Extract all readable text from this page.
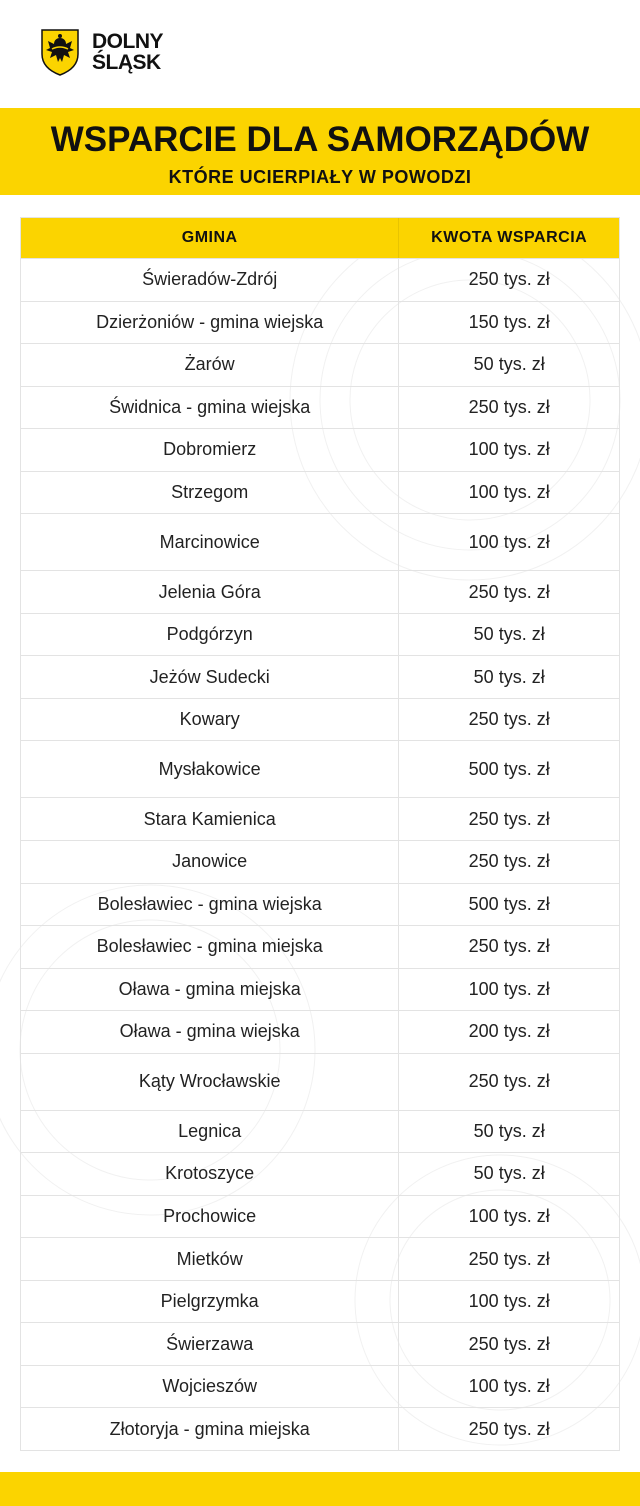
DOLNY
ŚLĄSK
WSPARCIE DLA SAMORZĄDÓW
KTÓRE UCIERPIAŁY W POWODZI
GMINA	KWOTA WSPARCIA
Świeradów-Zdrój	250 tys. zł
Dzierżoniów - gmina wiejska	150 tys. zł
Żarów	50 tys. zł
Świdnica - gmina wiejska	250 tys. zł
Dobromierz	100 tys. zł
Strzegom	100 tys. zł
Marcinowice	100 tys. zł
Jelenia Góra	250 tys. zł
Podgórzyn	50 tys. zł
Jeżów Sudecki	50 tys. zł
Kowary	250 tys. zł
Mysłakowice	500 tys. zł
Stara Kamienica	250 tys. zł
Janowice	250 tys. zł
Bolesławiec - gmina wiejska	500 tys. zł
Bolesławiec - gmina miejska	250 tys. zł
Oława - gmina miejska	100 tys. zł
Oława - gmina wiejska	200 tys. zł
Kąty Wrocławskie	250 tys. zł
Legnica	50 tys. zł
Krotoszyce	50 tys. zł
Prochowice	100 tys. zł
Mietków	250 tys. zł
Pielgrzymka	100 tys. zł
Świerzawa	250 tys. zł
Wojcieszów	100 tys. zł
Złotoryja - gmina miejska	250 tys. zł
